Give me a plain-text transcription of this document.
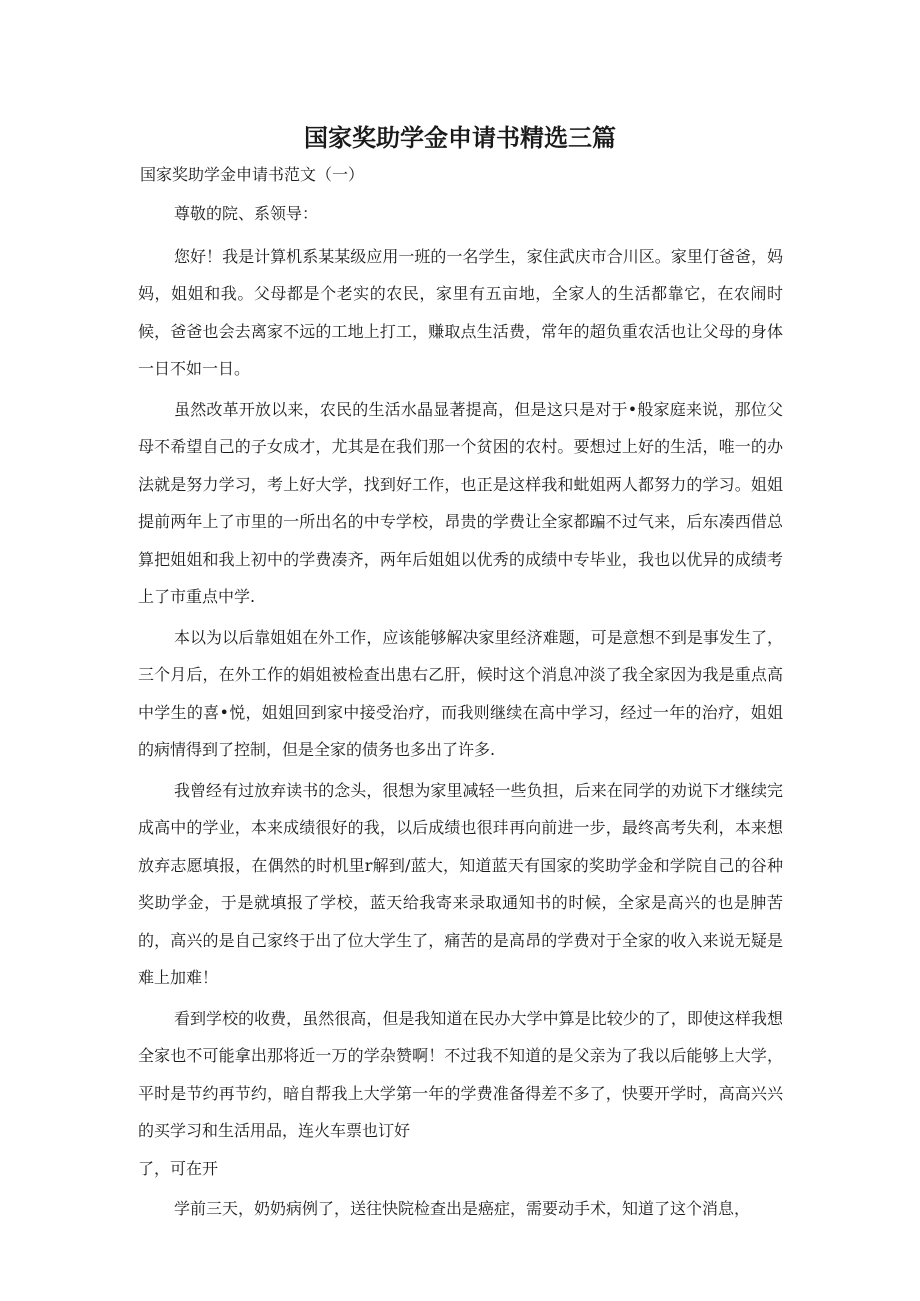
国家奖助学金申请书精选三篇

国家奖助学金申请书范文（一）

尊敬的院、系领导：

您好！我是计算机系某某级应用一班的一名学生，家住武庆市合川区。家里仃爸爸，妈妈，姐姐和我。父母都是个老实的农民，家里有五亩地，全家人的生活都靠它，在农闹时候，爸爸也会去离家不远的工地上打工，赚取点生活费，常年的超负重农活也让父母的身体一日不如一日。

虽然改革开放以来，农民的生活水晶显著提高，但是这只是对于•般家庭来说，那位父母不希望自己的子女成才，尤其是在我们那一个贫困的农村。要想过上好的生活，唯一的办法就是努力学习，考上好大学，找到好工作，也正是这样我和蚍姐两人都努力的学习。姐姐提前两年上了市里的一所出名的中专学校，昂贵的学费让全家都蹁不过气来，后东凑西借总算把姐姐和我上初中的学费凑齐，两年后姐姐以优秀的成绩中专毕业，我也以优异的成绩考上了市重点中学.

本以为以后靠姐姐在外工作，应该能够解决家里经济难题，可是意想不到是事发生了，三个月后，在外工作的娟姐被检查出患右乙肝，候时这个消息冲淡了我全家因为我是重点高中学生的喜•悦，姐姐回到家中接受治疗，而我则继续在高中学习，经过一年的治疗，姐姐的病情得到了控制，但是全家的债务也多出了许多.

我曾经有过放弃读书的念头，很想为家里减轻一些负担，后来在同学的劝说下才继续完成高中的学业，本来成绩很好的我，以后成绩也很玤再向前进一步，最终高考失利，本来想放弃志愿填报，在偶然的时机里r解到/蓝大，知道蓝天有国家的奖助学金和学院自己的谷种奖助学金，于是就填报了学校，蓝天给我寄来录取通知书的时候，全家是高兴的也是胂苦的，高兴的是自己家终于出了位大学生了，痛苦的是高昂的学费对于全家的收入来说无疑是难上加难！

看到学校的收费，虽然很高，但是我知道在民办大学中算是比较少的了，即使这样我想全家也不可能拿出那将近一万的学杂赞啊！不过我不知道的是父亲为了我以后能够上大学，平时是节约再节约，暗自帮我上大学第一年的学费准备得差不多了，快要开学时，高高兴兴的买学习和生活用品，连火车票也订好
了，可在开

学前三天，奶奶病例了，送往快院检查出是癌症，需要动手术，知道了这个消息，
